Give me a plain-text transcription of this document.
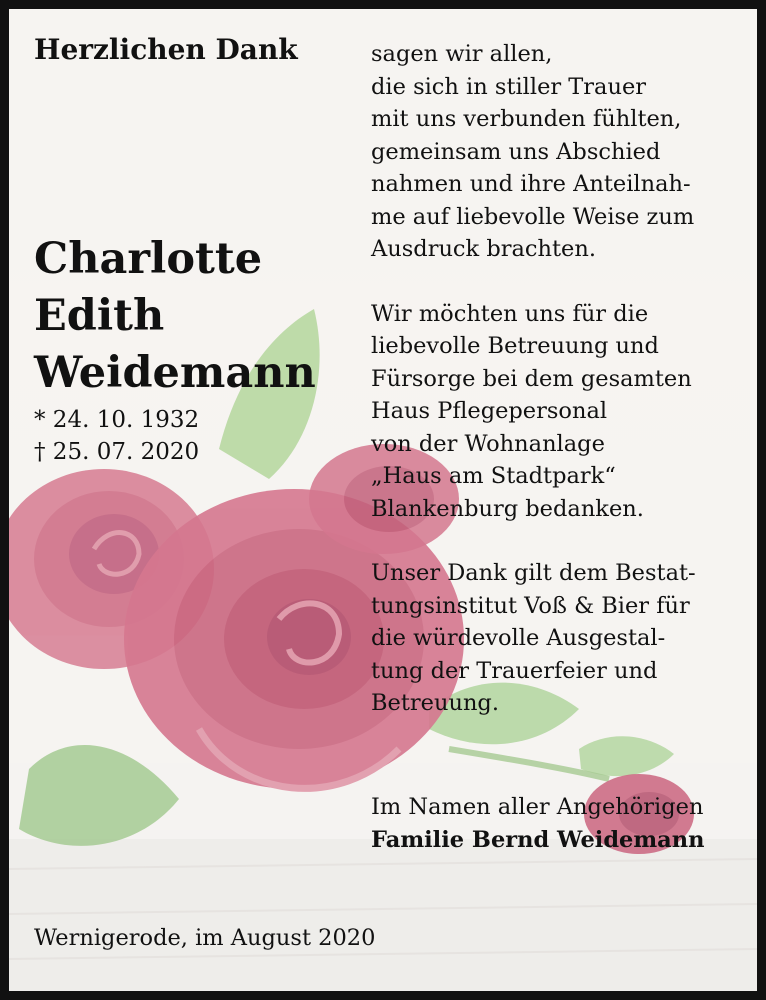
Herzlichen Dank
Charlotte
Edith
Weidemann
* 24. 10. 1932
† 25. 07. 2020

sagen wir allen,
die sich in stiller Trauer
mit uns verbunden fühlten,
gemeinsam uns Abschied
nahmen und ihre Anteilnah-
me auf liebevolle Weise zum
Ausdruck brachten.

Wir möchten uns für die
liebevolle Betreuung und
Fürsorge bei dem gesamten
Haus Pflegepersonal
von der Wohnanlage
„Haus am Stadtpark“
Blankenburg bedanken.

Unser Dank gilt dem Bestat-
tungsinstitut Voß & Bier für
die würdevolle Ausgestal-
tung der Trauerfeier und
Betreuung.

Im Namen aller Angehörigen
Familie Bernd Weidemann
Wernigerode, im August 2020
